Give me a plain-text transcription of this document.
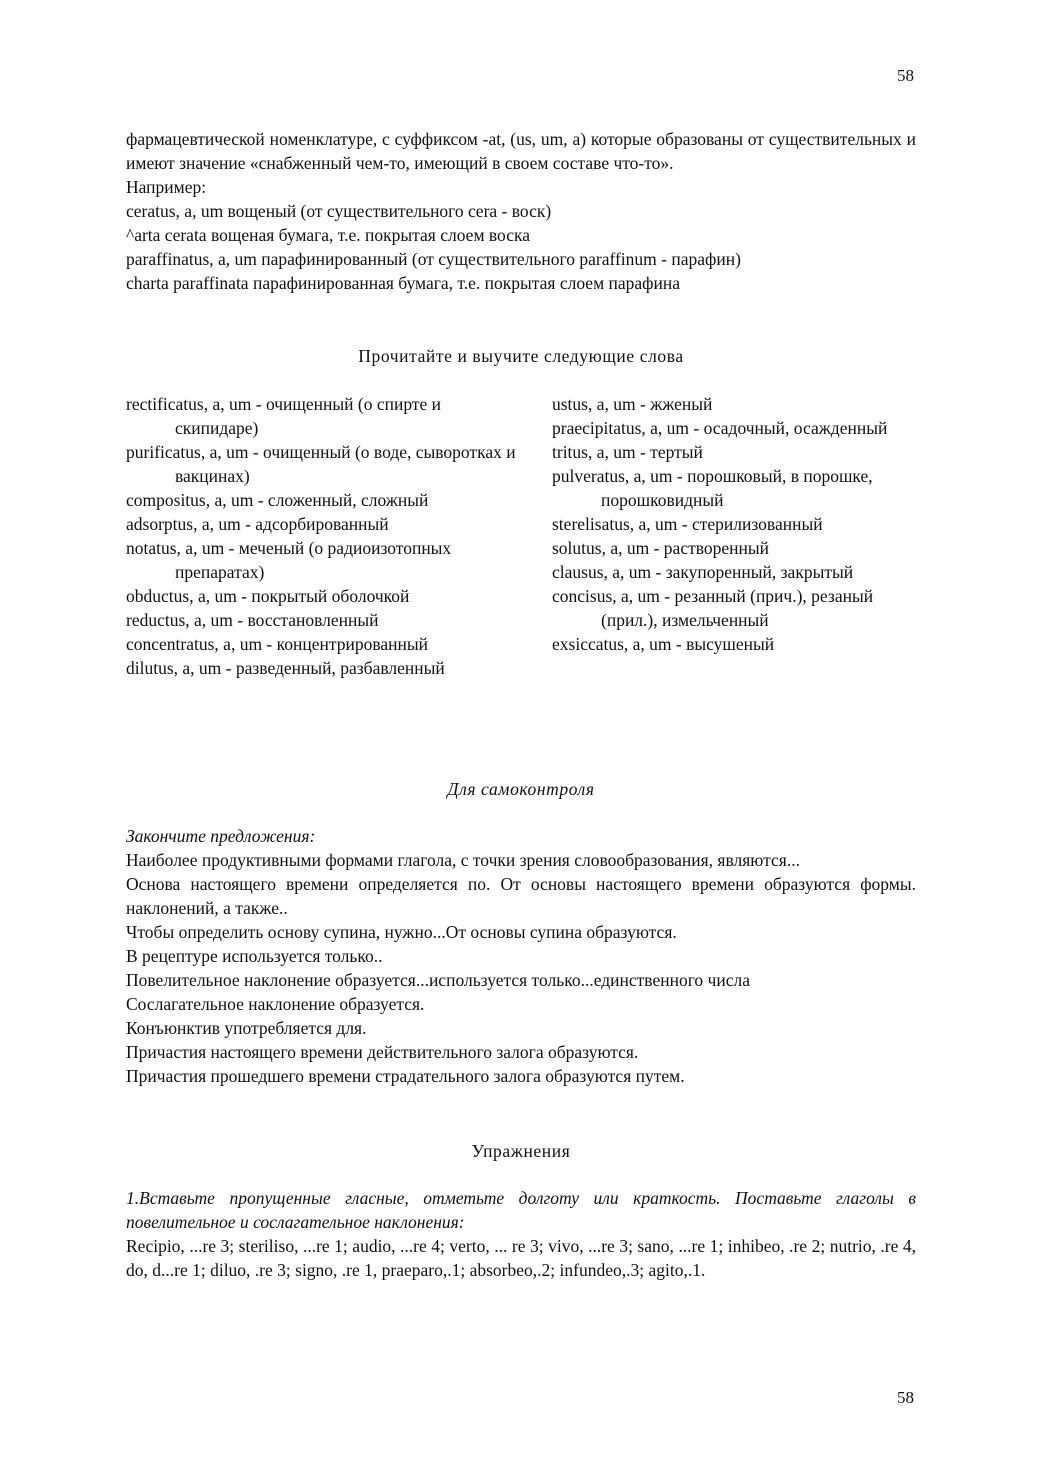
58

фармацевтической номенклатуре, с суффиксом -at, (us, um, a) которые образованы от существительных и имеют значение «снабженный чем-то, имеющий в своем составе что-то».

Например:

ceratus, a, um вощеный (от существительного cera - воск)

^arta cerata вощеная бумага, т.е. покрытая слоем воска

paraffinatus, a, um парафинированный (от существительного paraffinum - парафин)

charta paraffinata парафинированная бумага, т.е. покрытая слоем парафина

Прочитайте и выучите следующие слова

rectificatus, a, um - очищенный (о спирте и скипидаре)

purificatus, a, um - очищенный (о воде, сыворотках и вакцинах)

compositus, a, um - сложенный, сложный

adsorptus, a, um - адсорбированный

notatus, a, um - меченый (о радиоизотопных препаратах)

obductus, a, um - покрытый оболочкой

reductus, a, um - восстановленный

concentratus, a, um - концентрированный

dilutus, a, um - разведенный, разбавленный

ustus, a, um - жженый

praecipitatus, a, um - осадочный, осажденный

tritus, a, um - тертый

pulveratus, a, um - порошковый, в порошке, порошковидный

sterelisatus, a, um - стерилизованный

solutus, a, um - растворенный

clausus, a, um - закупоренный, закрытый

concisus, a, um - резанный (прич.), резаный (прил.), измельченный

exsiccatus, a, um - высушеный

Для самоконтроля

Закончите предложения:

Наиболее продуктивными формами глагола, с точки зрения словообразования, являются...

Основа настоящего времени определяется по. От основы настоящего времени образуются формы. наклонений, а также..

Чтобы определить основу супина, нужно...От основы супина образуются.

В рецептуре используется только..

Повелительное наклонение образуется...используется только...единственного числа

Сослагательное наклонение образуется.

Конъюнктив употребляется для.

Причастия настоящего времени действительного залога образуются.

Причастия прошедшего времени страдательного залога образуются путем.

Упражнения

1.Вставьте пропущенные гласные, отметьте долготу или краткость. Поставьте глаголы в повелительное и сослагательное наклонения:

Recipio, ...re 3; steriliso, ...re 1; audio, ...re 4; verto, ... re 3; vivo, ...re 3; sano, ...re 1; inhibeo, .re 2; nutrio, .re 4, do, d...re 1; diluo, .re 3; signo, .re 1, praeparo,.1; absorbeo,.2; infundeo,.3; agito,.1.

58
